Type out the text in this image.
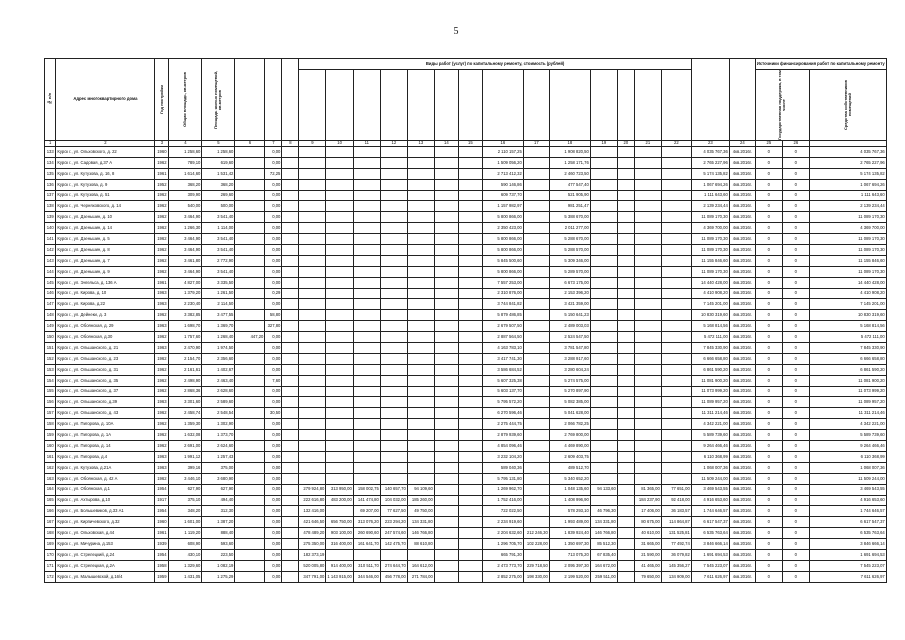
5
№ п/п	Адрес многоквартирного дома	Год постройки	Общая площадь, кв.метров	Площадь жилых помещений, кв.метров				Виды работ (услуг) по капитальному ремонту, стоимость (рублей)																Источники финансирования работ по капитальному ремонту		

																								Государственная поддержка, в том числе		Средства собственников помещений

1	2	3	4	5	6	7	8	9	10	11	12	13	14	15	16	17	18	19	20	21	22	23	24	25	26	
133	Курск г., ул. Ольховского, д. 22	1960	1 258,60	1 258,60		0,00									2 110 157,25		1 908 820,50					4 035 767,36	4кв.2016г.	0	0	4 035 767,36
134	Курск г., ул. Садовая, д.37 А	1962	789,10	619,60		0,00									1 509 056,20		1 258 171,76					2 765 227,96	4кв.2016г.	0	0	2 765 227,96
135	Курск г., ул. Кутузова, д. 16, 8	1961	1 614,60	1 531,42		72,25									2 713 412,32		2 460 723,50					5 174 135,82	4кв.2016г.	0	0	5 174 135,82
136	Курск г., ул. Кутузова, д. 9	1952	368,20	368,20		0,00									590 146,86		477 547,40					1 067 694,26	4кв.2016г.	0	0	1 067 694,26
137	Курск г., ул. Кутузова, д. 51	1962	309,90	269,60		0,00									609 737,70		521 905,90					1 111 643,60	4кв.2016г.	0	0	1 111 643,60
138	Курск г., ул. Черняховского, д. 14	1962	540,00	500,00		0,00									1 157 982,97		981 251,47					2 139 234,44	4кв.2016г.	0	0	2 139 234,44
139	Курск г., ул. Дзеньшин, д. 10	1962	3 464,90	3 541,40		0,00									5 800 866,00		5 388 670,00					11 089 170,30	4кв.2016г.	0	0	11 089 170,30
140	Курск г., ул. Дзеньшин, д. 14	1962	1 266,30	1 114,00		0,00									2 350 423,00		2 011 277,00					4 369 700,00	4кв.2016г.	0	0	4 369 700,00
141	Курск г., ул. Дзеньшин, д. 5	1962	3 464,90	3 541,40		0,00									5 800 866,00		5 288 670,00					11 089 170,30	4кв.2016г.	0	0	11 089 170,30
142	Курск г., ул. Дзеньшин, д. 8	1962	3 464,90	3 541,40		0,00									5 800 866,00		5 288 570,00					11 089 170,30	4кв.2016г.	0	0	11 089 170,30
143	Курск г., ул. Дзеньшин, д. 7	1962	3 461,80	2 772,90		0,00									5 845 500,60		5 309 346,00					11 155 846,60	4кв.2016г.	0	0	11 155 846,60
144	Курск г., ул. Дзеньшин, д. 9	1962	3 464,90	3 541,40		0,00									5 800 866,00		5 289 570,00					11 089 170,30	4кв.2016г.	0	0	11 089 170,30
145	Курск г., ул. Энгельса, д. 136 А	1961	4 827,00	3 335,50		0,00									7 557 253,00		6 673 175,00					14 440 428,00	4кв.2016г.	0	0	14 440 428,00
146	Курск г., ул. Кирова, д. 10	1963	1 379,20	1 261,50		0,29									2 310 876,00		2 153 396,20					4 410 908,20	4кв.2016г.	0	0	4 410 908,20
147	Курск г., ул. Кирова, д.22	1963	2 230,40	2 114,50		0,00									3 744 841,82		3 421 359,00					7 145 201,00	4кв.2016г.	0	0	7 145 201,00
148	Курск г., ул. Дейнеки, д. 3	1962	3 382,85	3 477,55		58,80									5 879 486,85		5 150 641,23					10 830 319,60	4кв.2016г.	0	0	10 830 319,60
149	Курск г., ул. Обоянская, д. 29	1963	1 698,70	1 369,70		327,80									2 679 507,50		2 489 003,03					5 168 814,56	4кв.2016г.	0	0	5 168 814,56
150	Курск г., ул. Обоянская, д.30	1962	1 757,60	1 268,40	447,20	0,00									2 887 564,50		2 524 547,50					5 472 111,00	4кв.2016г.	0	0	5 472 111,00
151	Курск г., ул. Ольшанского, д. 21	1963	2 470,90	1 974,50		0,00									4 163 783,10		3 781 547,80					7 845 330,90	4кв.2016г.	0	0	7 845 330,90
152	Курск г., ул. Ольшанского, д. 23	1962	2 154,70	2 356,60		0,00									3 417 741,30		3 288 917,60					6 666 658,80	4кв.2016г.	0	0	6 666 658,80
153	Курск г., ул. Ольшанского, д. 31	1962	2 161,61	1 402,67		0,00									3 586 684,52		3 280 604,24					6 861 590,20	4кв.2016г.	0	0	6 861 590,20
154	Курск г., ул. Ольшанского, д. 35	1962	2 498,90	2 463,40		7,60									5 607 325,38		5 274 575,00					11 081 900,20	4кв.2016г.	0	0	11 081 900,20
155	Курск г., ул. Ольшанского, д. 37	1962	2 868,36	2 628,60		0,00									5 603 137,70		5 270 897,90					11 073 999,20	4кв.2016г.	0	0	11 073 999,20
156	Курск г., ул. Ольшанского, д.39	1963	3 301,60	2 589,60		0,00									5 795 572,20		5 082 385,00					11 089 957,20	4кв.2016г.	0	0	11 089 957,20
157	Курск г., ул. Ольшанского, д. 43	1962	2 458,74	2 548,54		30,50									6 270 596,46		5 041 628,00					11 311 214,46	4кв.2016г.	0	0	11 311 214,46
158	Курск г., ул. Пигорова, д. 10А	1962	1 359,30	1 302,90		0,00									2 275 444,75		2 066 782,25					4 342 221,00	4кв.2016г.	0	0	4 342 221,00
159	Курск г., ул. Пигорова, д. 1А	1962	1 632,08	1 373,70		0,00									2 879 939,60		2 769 800,00					5 589 739,60	4кв.2016г.	0	0	5 589 739,60
160	Курск г., ул. Пигорова, д. 14	1962	2 691,00	2 624,60		0,00									4 854 096,46		4 469 890,00					9 264 466,46	4кв.2016г.	0	0	9 264 466,46
161	Курск г., ул. Пигорова, д.4	1963	1 991,12	1 257,43		0,00									3 232 104,20		2 609 403,75					6 110 368,99	4кв.2016г.	0	0	6 110 368,99
162	Курск г., ул. Кутузова, д.21А	1963	399,16	375,00		0,00									589 040,36		489 512,70					1 068 007,36	4кв.2016г.	0	0	1 068 007,36
163	Курск г., ул. Обоянская, д. 42 А	1962	3 446,10	3 680,90		0,00									5 795 131,80		5 340 652,20					11 509 244,00	4кв.2016г.	0	0	11 509 244,00
164	Курск г., ул. Обоянская, д.1	1954	627,90	627,90		0,00		279 924,80	313 950,00	158 002,75	140 657,70	94 109,60			1 269 962,70		1 048 135,60	94 133,60		81 365,00	77 651,00	3 469 543,55	4кв.2016г.	0	0	3 469 543,55
165	Курск г., ул. Ахтырова, д.10	1917	375,10	494,40		0,00		222 616,80	483 200,00	141 474,80	104 032,00	185 260,00			1 752 416,00		1 408 996,90			184 237,90	92 418,00	4 916 653,60	4кв.2016г.	0	0	4 916 653,60
166	Курск г., ул. Большевиков, д.33 А1	1954	348,20	312,30		0,00		132 416,00		69 207,00	77 627,50	49 750,00			722 022,50		578 293,10	46 796,30		17 406,00	36 183,57	1 744 646,57	4кв.2016г.	0	0	1 744 646,57
167	Курск г., ул. Кирпичевского, д.32	1960	1 601,00	1 387,20		0,00		421 646,50	656 750,00	313 076,20	223 294,20	134 331,80			2 234 919,60		1 993 489,00	134 331,80		80 675,00	114 864,87	6 617 547,37	4кв.2016г.	0	0	6 617 547,37
168	Курск г., ул. Ольховская, д.44	1961	1 119,20	888,40		0,00		478 489,20	903 100,00	260 690,60	247 574,60	146 766,80			2 204 632,60	212 246,30	1 839 924,40	146 766,80		40 610,00	131 525,81	6 535 763,64	4кв.2016г.	0	0	6 535 763,64
169	Курск г., ул. Мичурина, д.153	1939	608,90	593,60		0,00		275 350,00	316 400,00	161 641,70	142 475,70	88 610,80			1 296 705,70	102 228,00	1 350 697,30	85 512,30		31 665,00	77 492,74	3 846 666,14	4кв.2016г.	0	0	3 846 666,14
170	Курск г., ул. Стрелецкий, д.24	1954	430,10	223,50		0,00		182 373,19							665 791,30		713 075,20	67 835,40		21 590,00	36 079,82	1 691 694,53	4кв.2016г.	0	0	1 691 694,53
171	Курск г., ул. Стрелецкая, д.2А	1958	1 329,60	1 082,19		0,00		520 005,80	914 400,00	310 511,70	274 644,70	164 612,00			2 473 773,70	229 718,50	2 095 397,30	164 672,00		41 465,00	145 356,27	7 545 223,07	4кв.2016г.	0	0	7 545 223,07
172	Курск г., ул. Малышевской, д.16/4	1959	1 431,05	1 275,29		0,00		347 791,00	1 143 915,00	344 546,00	456 778,00	271 784,00			2 852 275,00	198 330,00	2 199 520,00	259 511,00		79 650,00	134 909,00	7 611 626,97	4кв.2016г.	0	0	7 611 626,97
